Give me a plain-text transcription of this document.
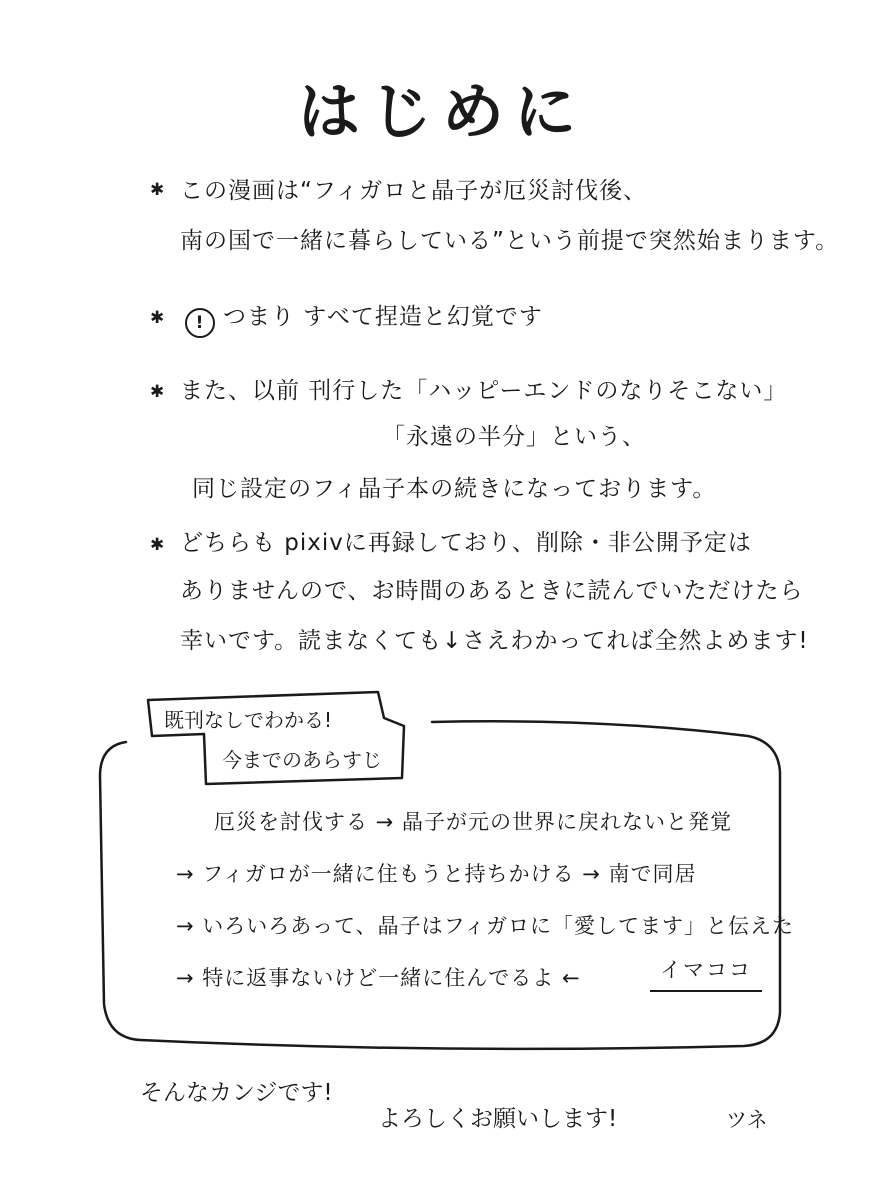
はじめに
✱ この漫画は“フィガロと晶子が厄災討伐後、
南の国で一緒に暮らしている”という前提で突然始まります。
✱	! つまり すべて捏造と幻覚です
✱ また、以前 刊行した「ハッピーエンドのなりそこない」
「永遠の半分」という、
同じ設定のフィ晶子本の続きになっております。
✱ どちらも pixivに再録しており、削除・非公開予定は
ありませんので、お時間のあるときに読んでいただけたら
幸いです。読まなくても↓さえわかってれば全然よめます!
既刊なしでわかる!
今までのあらすじ
厄災を討伐する → 晶子が元の世界に戻れないと発覚
→ フィガロが一緒に住もうと持ちかける → 南で同居
→ いろいろあって、晶子はフィガロに「愛してます」と伝えた
→ 特に返事ないけど一緒に住んでるよ ←	イマココ
そんなカンジです!
よろしくお願いします!	ツネ
